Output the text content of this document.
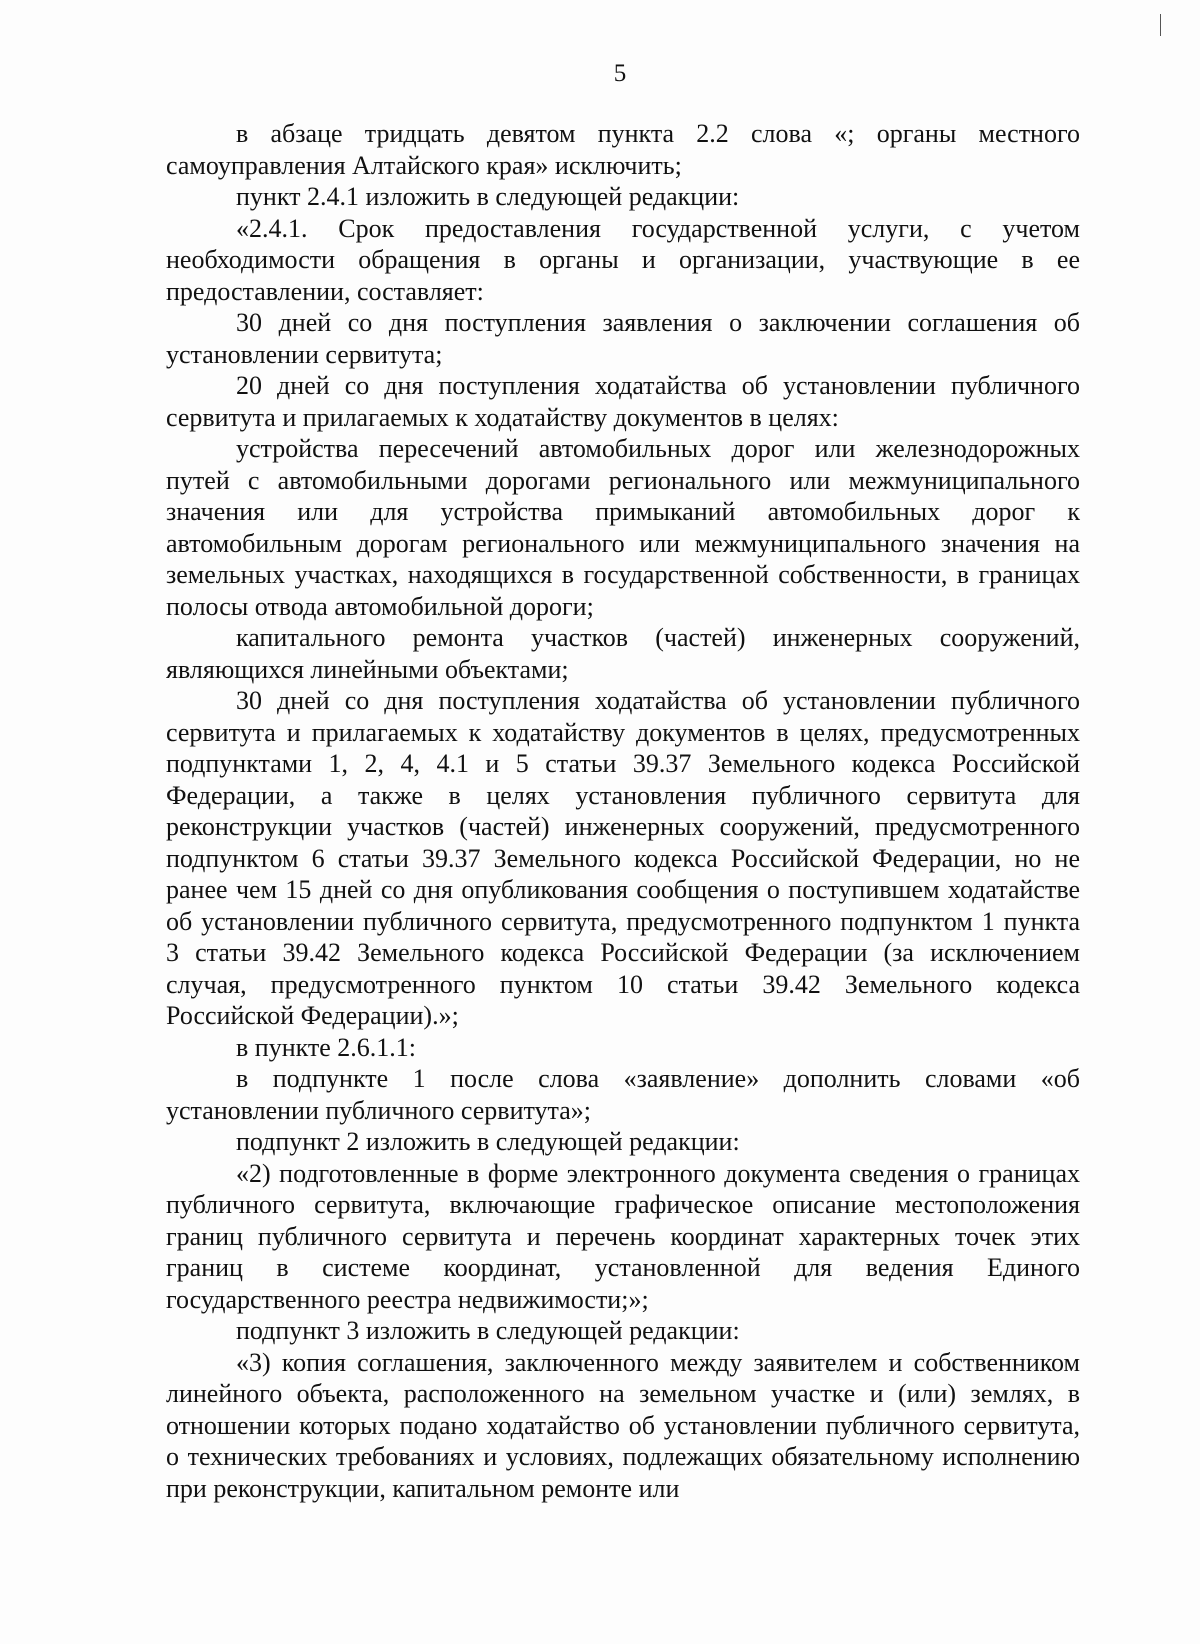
5

в абзаце тридцать девятом пункта 2.2 слова «; органы местного самоуправления Алтайского края» исключить;

пункт 2.4.1 изложить в следующей редакции:

«2.4.1. Срок предоставления государственной услуги, с учетом необходимости обращения в органы и организации, участвующие в ее предоставлении, составляет:

30 дней со дня поступления заявления о заключении соглашения об установлении сервитута;

20 дней со дня поступления ходатайства об установлении публичного сервитута и прилагаемых к ходатайству документов в целях:

устройства пересечений автомобильных дорог или железнодорожных путей с автомобильными дорогами регионального или межмуниципального значения или для устройства примыканий автомобильных дорог к автомобильным дорогам регионального или межмуниципального значения на земельных участках, находящихся в государственной собственности, в границах полосы отвода автомобильной дороги;

капитального ремонта участков (частей) инженерных сооружений, являющихся линейными объектами;

30 дней со дня поступления ходатайства об установлении публичного сервитута и прилагаемых к ходатайству документов в целях, предусмотренных подпунктами 1, 2, 4, 4.1 и 5 статьи 39.37 Земельного кодекса Российской Федерации, а также в целях установления публичного сервитута для реконструкции участков (частей) инженерных сооружений, предусмотренного подпунктом 6 статьи 39.37 Земельного кодекса Российской Федерации, но не ранее чем 15 дней со дня опубликования сообщения о поступившем ходатайстве об установлении публичного сервитута, предусмотренного подпунктом 1 пункта 3 статьи 39.42 Земельного кодекса Российской Федерации (за исключением случая, предусмотренного пунктом 10 статьи 39.42 Земельного кодекса Российской Федерации).»;

в пункте 2.6.1.1:

в подпункте 1 после слова «заявление» дополнить словами «об установлении публичного сервитута»;

подпункт 2 изложить в следующей редакции:

«2) подготовленные в форме электронного документа сведения о границах публичного сервитута, включающие графическое описание местоположения границ публичного сервитута и перечень координат характерных точек этих границ в системе координат, установленной для ведения Единого государственного реестра недвижимости;»;

подпункт 3 изложить в следующей редакции:

«3) копия соглашения, заключенного между заявителем и собственником линейного объекта, расположенного на земельном участке и (или) землях, в отношении которых подано ходатайство об установлении публичного сервитута, о технических требованиях и условиях, подлежащих обязательному исполнению при реконструкции, капитальном ремонте или
